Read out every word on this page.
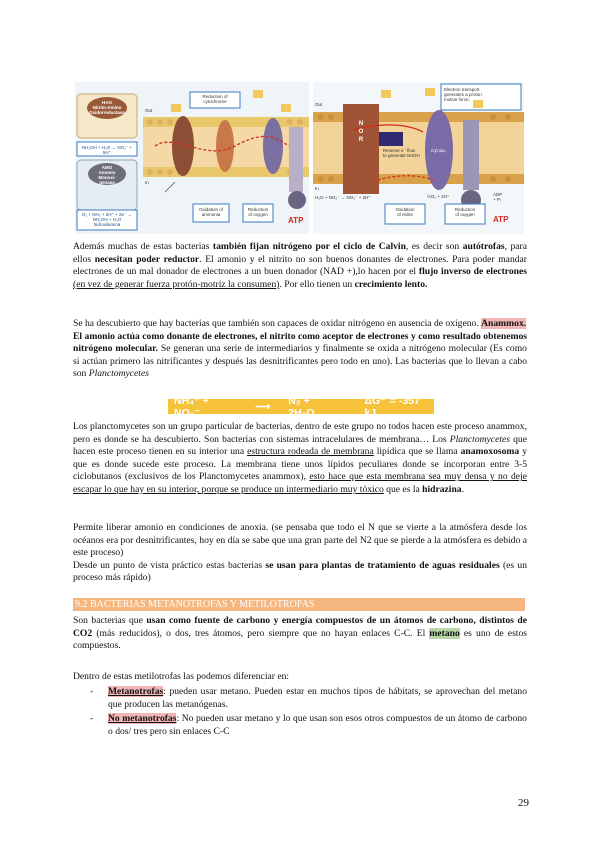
ATP
HAO
Nitrito-Amino
Oxidorreductasa
NH₂OH + H₂O → NO₂⁻ + 5H⁺
AMO
Amonio
Monoxi-
genasa
O₂ + NH₃ + 2H⁺ + 2e⁻ → NH₂OH + H₂O
hidroxilamina
Reduction of
cytochrome
Oxidation of
ammonia
Reduction
of oxygen
Out
In
ATP
Electron transport
generates a proton
motive force.
N
O
R
Reverse e⁻ flow
to generate NADH
Cyt aa₃
Oxidation
of nitrite
Reduction
of oxygen
Out
In
H₂O + NO₂⁻ → NO₃⁻ + 2H⁺	½O₂ + 2H⁺	ADP
+ Pᵢ
Además muchas de estas bacterias también fijan nitrógeno por el ciclo de Calvin, es decir son autótrofas, para ellos necesitan poder reductor. El amonio y el nitrito no son buenos donantes de electrones. Para poder mandar electrones de un mal donador de electrones a un buen donador (NAD +),lo hacen por el flujo inverso de electrones (en vez de generar fuerza protón-motriz la consumen). Por ello tienen un crecimiento lento.
Se ha descubierto que hay bacterias que también son capaces de oxidar nitrógeno en ausencia de oxígeno. Anammox.
El amonio actúa como donante de electrones, el nitrito como aceptor de electrones y como resultado obtenemos nitrógeno molecular. Se generan una serie de intermediarios y finalmente se oxida a nitrógeno molecular (Es como si actúan primero las nitrificantes y después las desnitrificantes pero todo en uno). Las bacterias que lo llevan a cabo son Planctomycetes
NH₄⁺ + NO₂⁻	⟶ N₂ + 2H₂O
ΔG°′ = -357 kJ
Los planctomycetes son un grupo particular de bacterias, dentro de este grupo no todos hacen este proceso anammox, pero es donde se ha descubierto. Son bacterias con sistemas intracelulares de membrana… Los Planctomycetes que hacen este proceso tienen en su interior una estructura rodeada de membrana lipídica que se llama anamoxosoma y que es donde sucede este proceso. La membrana tiene unos lípidos peculiares donde se incorporan entre 3-5 ciclobutanos (exclusivos de los Planctomycetes anammox), esto hace que esta membrana sea muy densa y no deje escapar lo que hay en su interior, porque se produce un intermediario muy tóxico que es la hidrazina.
Permite liberar amonio en condiciones de anoxia. (se pensaba que todo el N que se vierte a la atmósfera desde los océanos era por desnitrificantes, hoy en día se sabe que una gran parte del N2 que se pierde a la atmósfera es debido a este proceso)
Desde un punto de vista práctico estas bacterias se usan para plantas de tratamiento de aguas residuales (es un proceso más rápido)
9.2 BACTERIAS METANOTROFAS Y METILOTROFAS
Son bacterias que usan como fuente de carbono y energía compuestos de un átomos de carbono, distintos de CO2 (más reducidos), o dos, tres átomos, pero siempre que no hayan enlaces C-C. El metano es uno de estos compuestos.
Dentro de estas metilotrofas las podemos diferenciar en:
- Metanotrofas: pueden usar metano. Pueden estar en muchos tipos de hábitats, se aprovechan del metano que producen las metanógenas.
- No metanotrofas: No pueden usar metano y lo que usan son esos otros compuestos de un átomo de carbono o dos/ tres pero sin enlaces C-C
29
